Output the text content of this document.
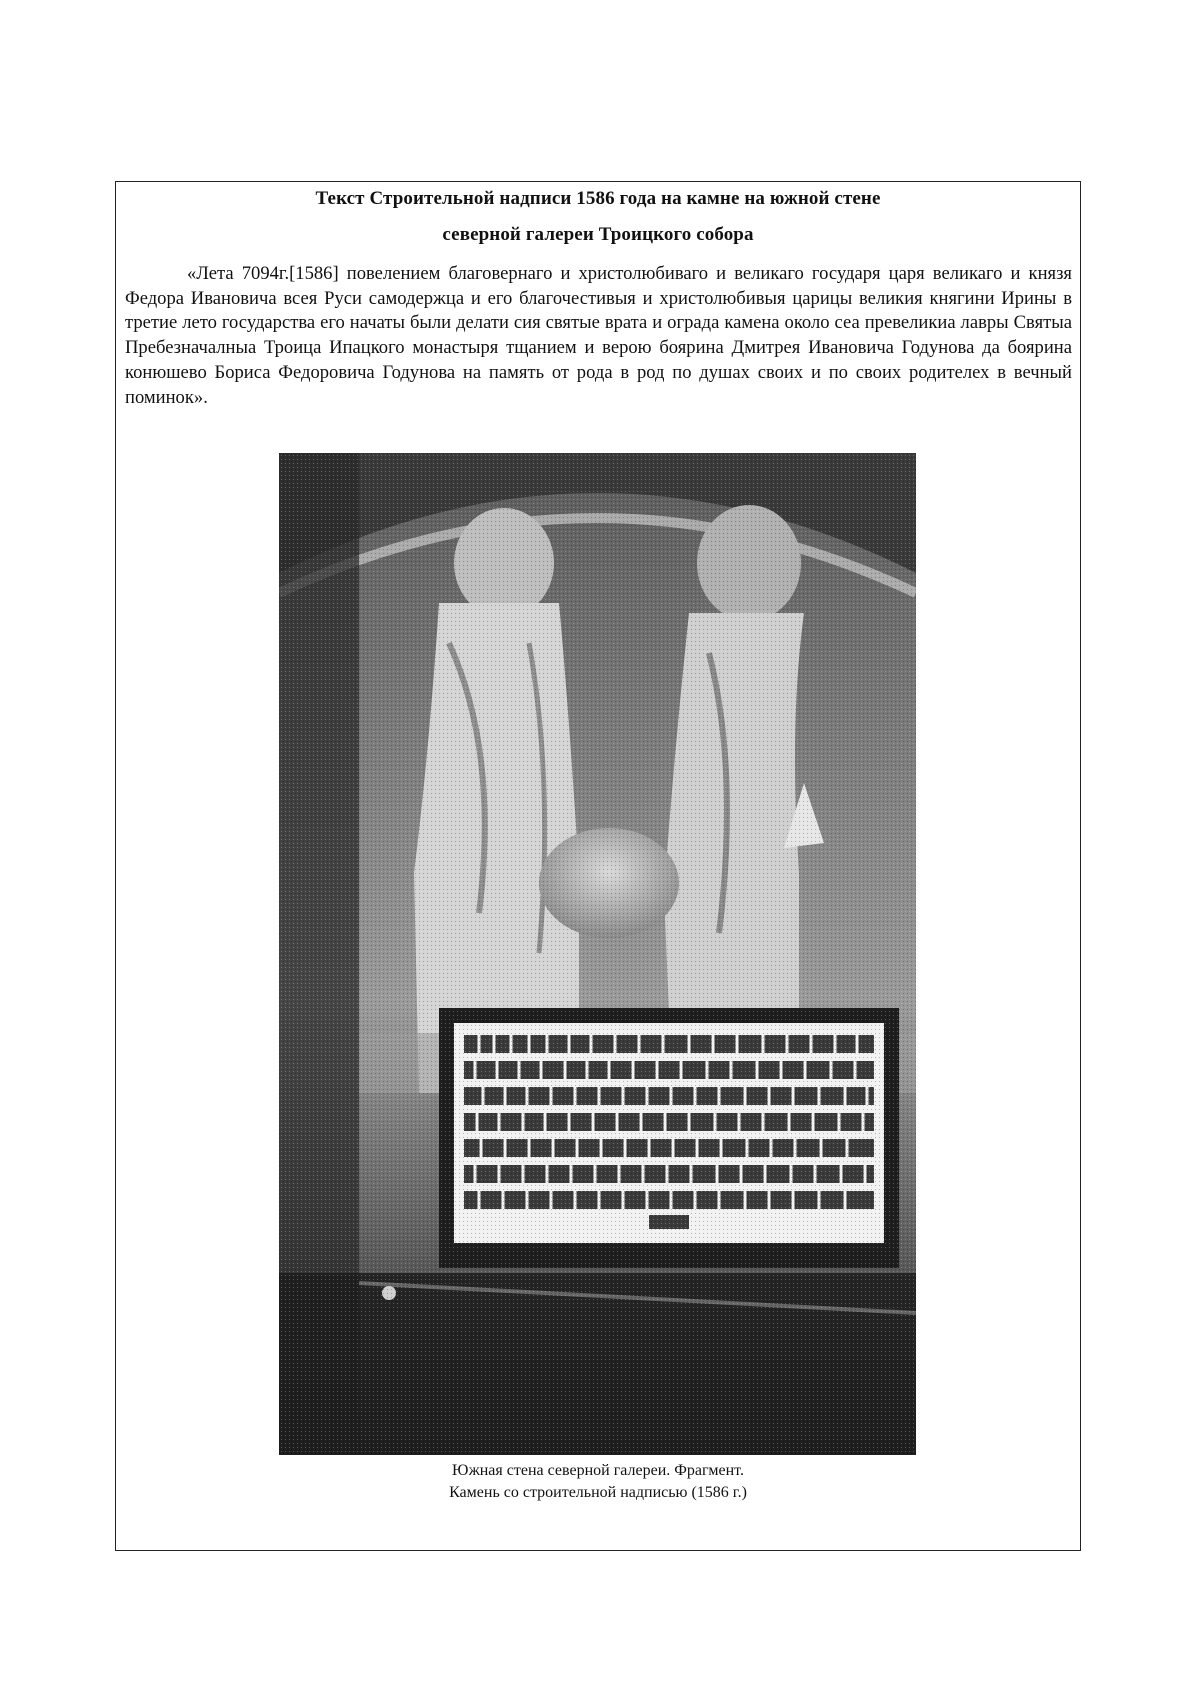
Текст Строительной надписи 1586 года на камне на южной стене
северной галереи Троицкого собора

«Лета 7094г.[1586] повелением благовернаго и христолюбиваго и великаго государя царя великаго и князя Федора Ивановича всея Руси самодержца и его благочестивыя и христолюбивыя царицы великия княгини Ирины в третие лето государства его начаты были делати сия святые врата и ограда камена около сеа превеликиа лавры Святыа Пребезначалныа Троица Ипацкого монастыря тщанием и верою боярина Дмитрея Ивановича Годунова да боярина конюшево Бориса Федоровича Годунова на память от рода в род по душах своих и по своих родителех в вечный поминок».

Южная стена северной галереи. Фрагмент.
Камень со строительной надписью (1586 г.)
